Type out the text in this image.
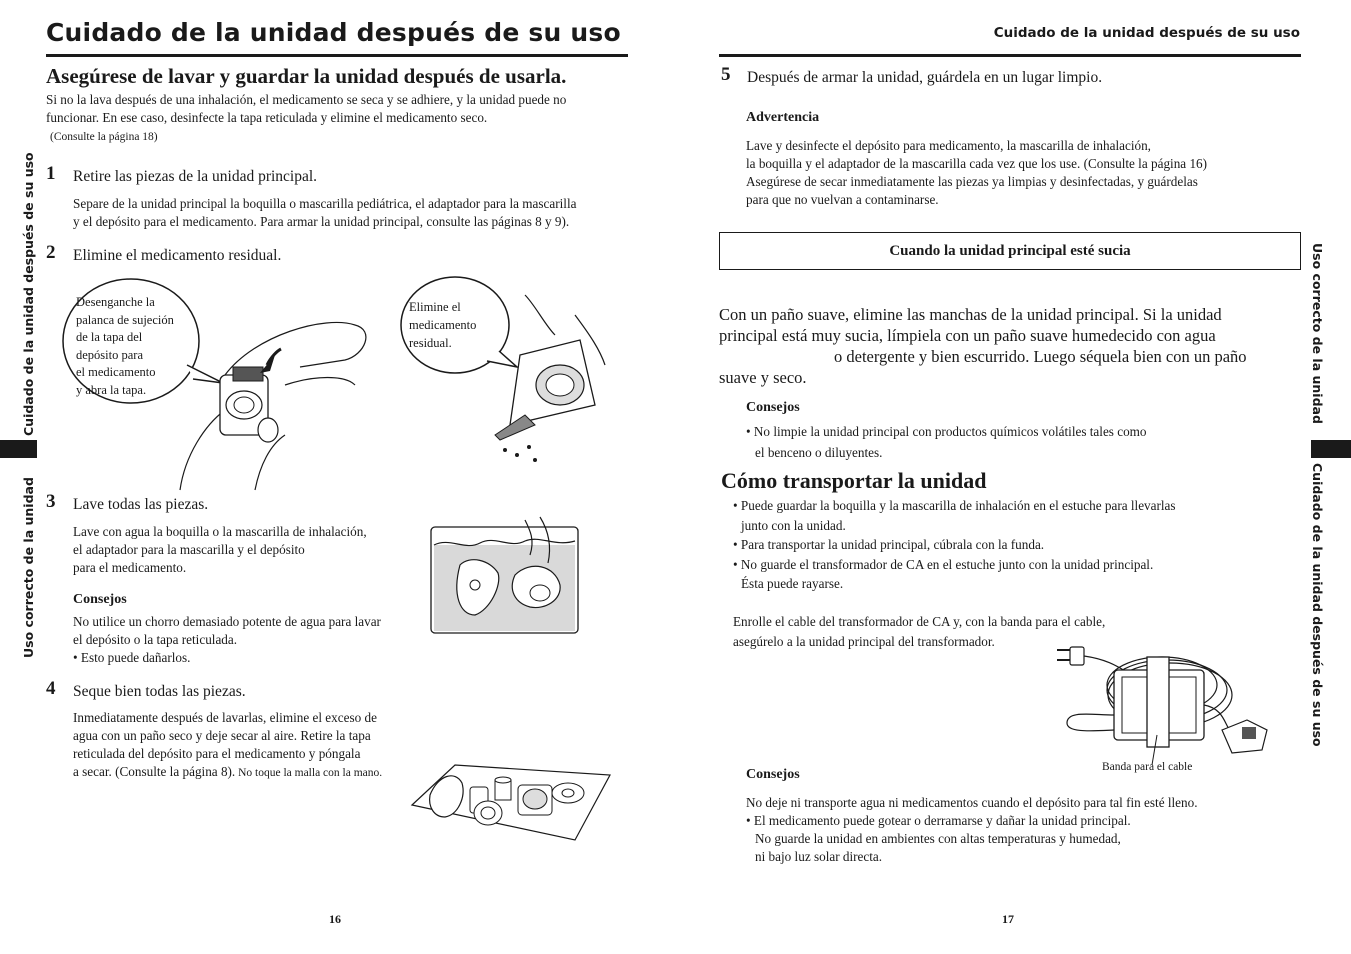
Cuidado de la unidad después de su uso
Asegúrese de lavar y guardar la unidad después de usarla.
Si no la lava después de una inhalación, el medicamento se seca y se adhiere, y la unidad puede no
funcionar. En ese caso, desinfecte la tapa reticulada y elimine el medicamento seco.
(Consulte la página 18)
Cuidado de la unidad después de su uso
Uso correcto de la unidad
1 Retire las piezas de la unidad principal.
Separe de la unidad principal la boquilla o mascarilla pediátrica, el adaptador para la mascarilla
y el depósito para el medicamento. Para armar la unidad principal, consulte las páginas 8 y 9).
2 Elimine el medicamento residual.
Desenganche la
palanca de sujeción
de la tapa del
depósito para
el medicamento
y abra la tapa.
Elimine el
medicamento
residual.
3 Lave todas las piezas.
Lave con agua la boquilla o la mascarilla de inhalación,
el adaptador para la mascarilla y el depósito
para el medicamento.
Consejos
No utilice un chorro demasiado potente de agua para lavar
el depósito o la tapa reticulada.
• Esto puede dañarlos.
4 Seque bien todas las piezas.
Inmediatamente después de lavarlas, elimine el exceso de
agua con un paño seco y deje secar al aire. Retire la tapa
reticulada del depósito para el medicamento y póngala
a secar. (Consulte la página 8). No toque la malla con la mano.
16
Cuidado de la unidad después de su uso
5 Después de armar la unidad, guárdela en un lugar limpio.
Advertencia
Lave y desinfecte el depósito para medicamento, la mascarilla de inhalación,
la boquilla y el adaptador de la mascarilla cada vez que los use. (Consulte la página 16)
Asegúrese de secar inmediatamente las piezas ya limpias y desinfectadas, y guárdelas
para que no vuelvan a contaminarse.
Cuando la unidad principal esté sucia
Con un paño suave, elimine las manchas de la unidad principal. Si la unidad
principal está muy sucia, límpiela con un paño suave humedecido con agua
o detergente y bien escurrido. Luego séquela bien con un paño
suave y seco.
Consejos
• No limpie la unidad principal con productos químicos volátiles tales como
el benceno o diluyentes.
Cómo transportar la unidad
• Puede guardar la boquilla y la mascarilla de inhalación en el estuche para llevarlas
junto con la unidad.
• Para transportar la unidad principal, cúbrala con la funda.
• No guarde el transformador de CA en el estuche junto con la unidad principal.
Ésta puede rayarse.
Enrolle el cable del transformador de CA y, con la banda para el cable,
asegúrelo a la unidad principal del transformador.
Banda para el cable
Consejos
No deje ni transporte agua ni medicamentos cuando el depósito para tal fin esté lleno.
• El medicamento puede gotear o derramarse y dañar la unidad principal.
No guarde la unidad en ambientes con altas temperaturas y humedad,
ni bajo luz solar directa.
Uso correcto de la unidad
Cuidado de la unidad después de su uso
17
